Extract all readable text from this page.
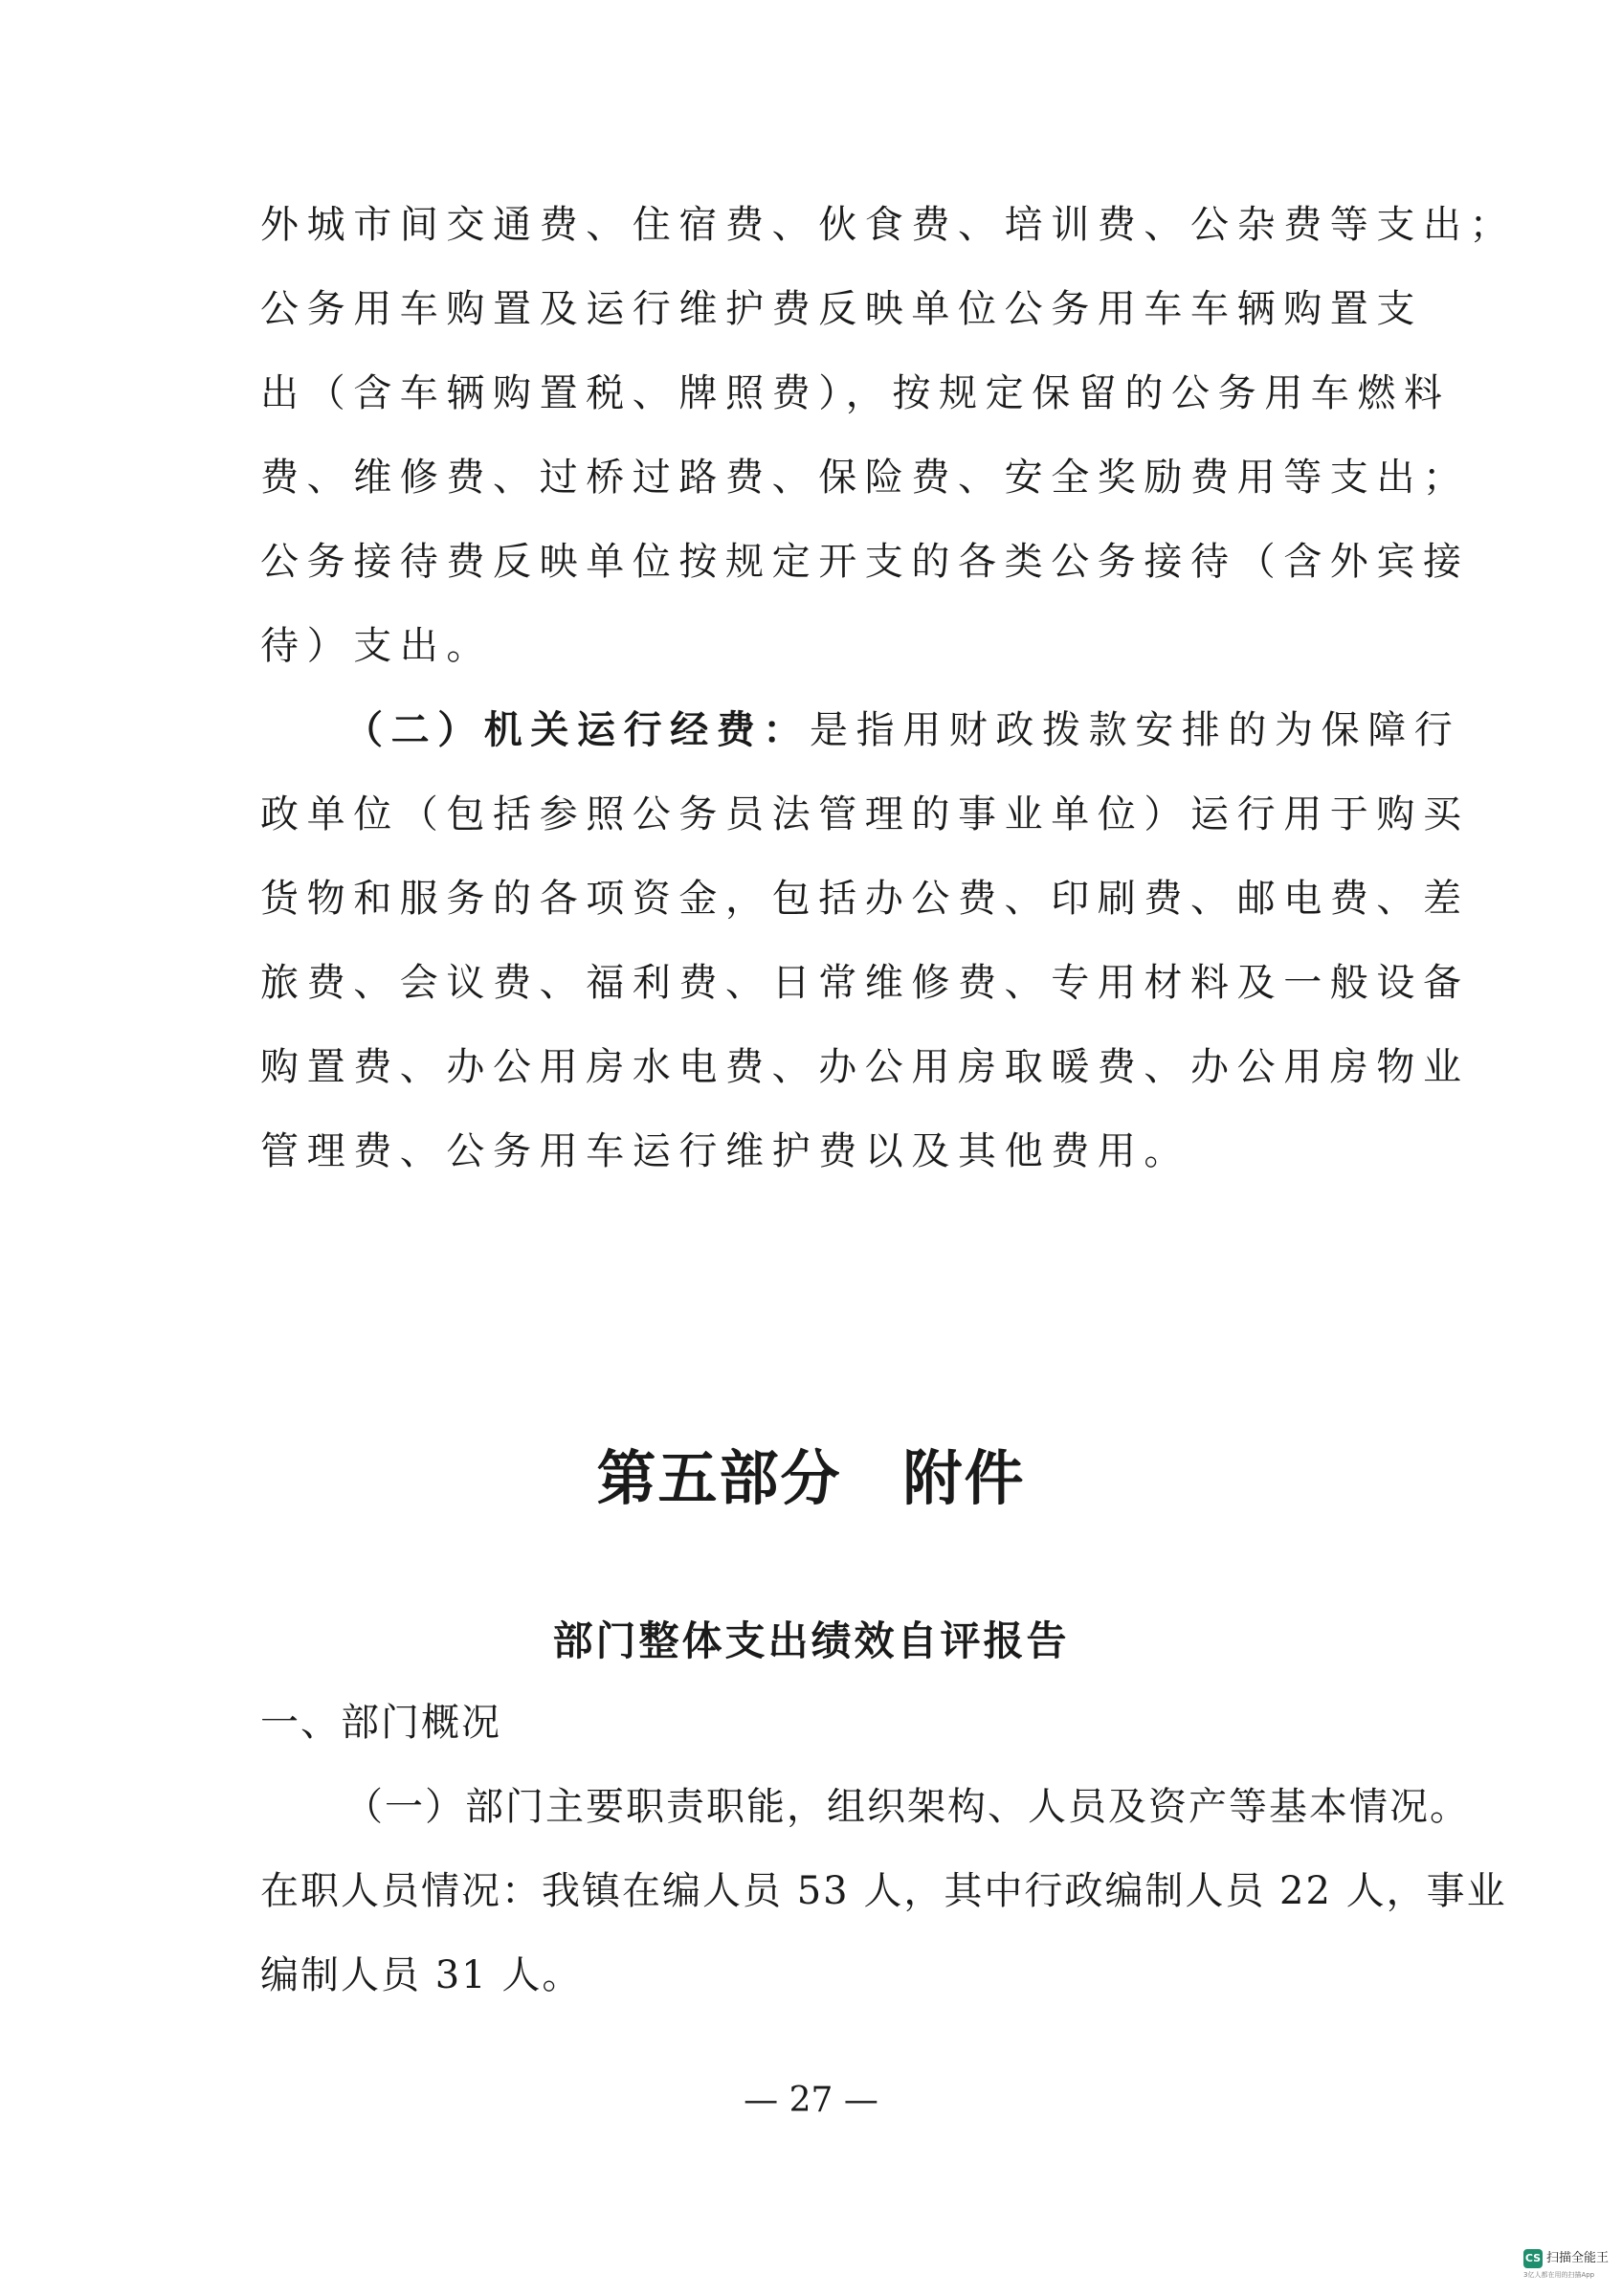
外城市间交通费、住宿费、伙食费、培训费、公杂费等支出；
公务用车购置及运行维护费反映单位公务用车车辆购置支
出（含车辆购置税、牌照费），按规定保留的公务用车燃料
费、维修费、过桥过路费、保险费、安全奖励费用等支出；
公务接待费反映单位按规定开支的各类公务接待（含外宾接
待）支出。
（二）机关运行经费：是指用财政拨款安排的为保障行
政单位（包括参照公务员法管理的事业单位）运行用于购买
货物和服务的各项资金，包括办公费、印刷费、邮电费、差
旅费、会议费、福利费、日常维修费、专用材料及一般设备
购置费、办公用房水电费、办公用房取暖费、办公用房物业
管理费、公务用车运行维护费以及其他费用。
第五部分　附件
部门整体支出绩效自评报告
一、部门概况
（一）部门主要职责职能，组织架构、人员及资产等基本情况。
在职人员情况：我镇在编人员 53 人，其中行政编制人员 22 人，事业
编制人员 31 人。
— 27 —
CS 扫描全能王
3亿人都在用的扫描App
